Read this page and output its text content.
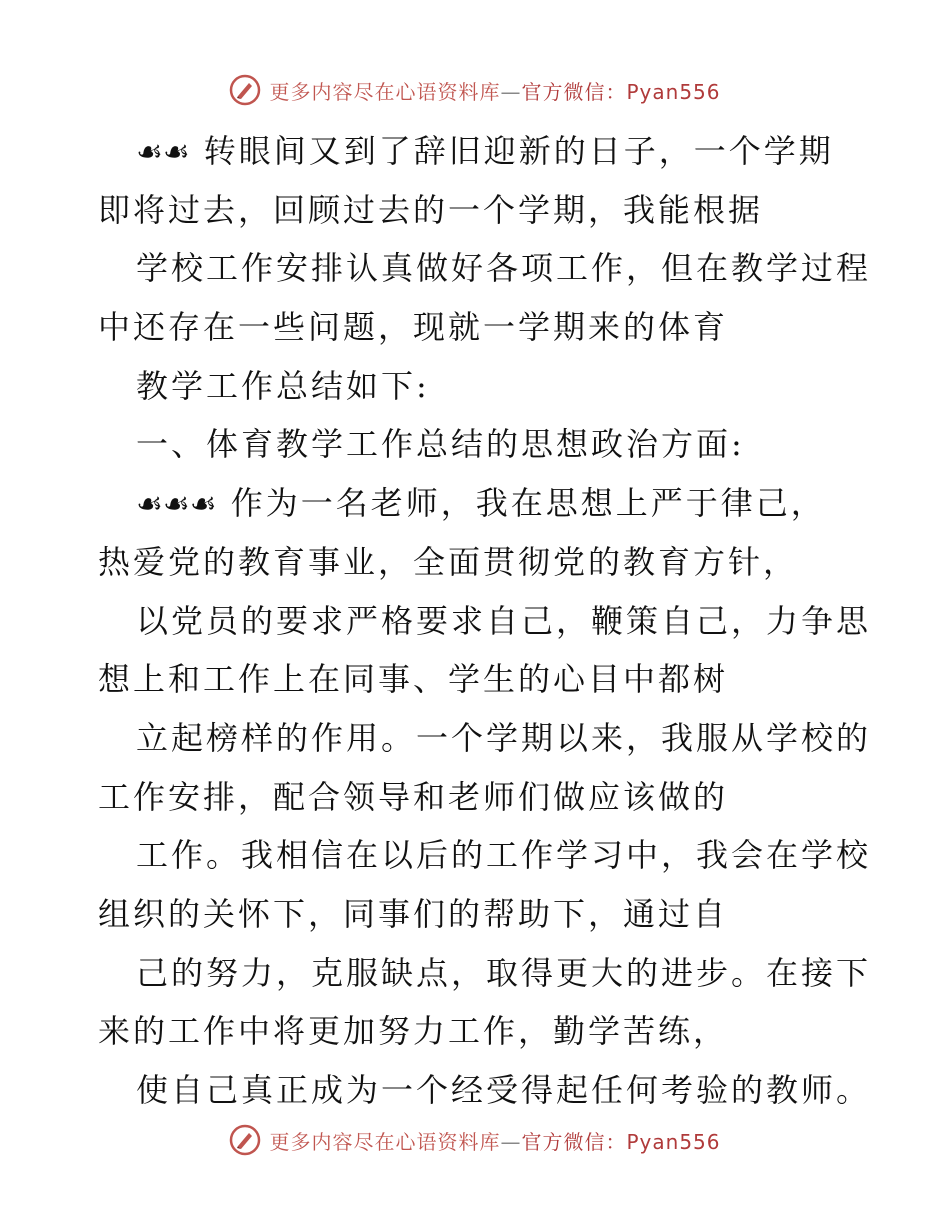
更多内容尽在心语资料库—官方微信：Pyan556
☙☙ 转眼间又到了辞旧迎新的日子，一个学期
即将过去，回顾过去的一个学期，我能根据
学校工作安排认真做好各项工作，但在教学过程
中还存在一些问题，现就一学期来的体育
教学工作总结如下:
一、体育教学工作总结的思想政治方面:
☙☙☙ 作为一名老师，我在思想上严于律己，
热爱党的教育事业，全面贯彻党的教育方针，
以党员的要求严格要求自己，鞭策自己，力争思
想上和工作上在同事、学生的心目中都树
立起榜样的作用。一个学期以来，我服从学校的
工作安排，配合领导和老师们做应该做的
工作。我相信在以后的工作学习中，我会在学校
组织的关怀下，同事们的帮助下，通过自
己的努力，克服缺点，取得更大的进步。在接下
来的工作中将更加努力工作，勤学苦练，
使自己真正成为一个经受得起任何考验的教师。
更多内容尽在心语资料库—官方微信：Pyan556
